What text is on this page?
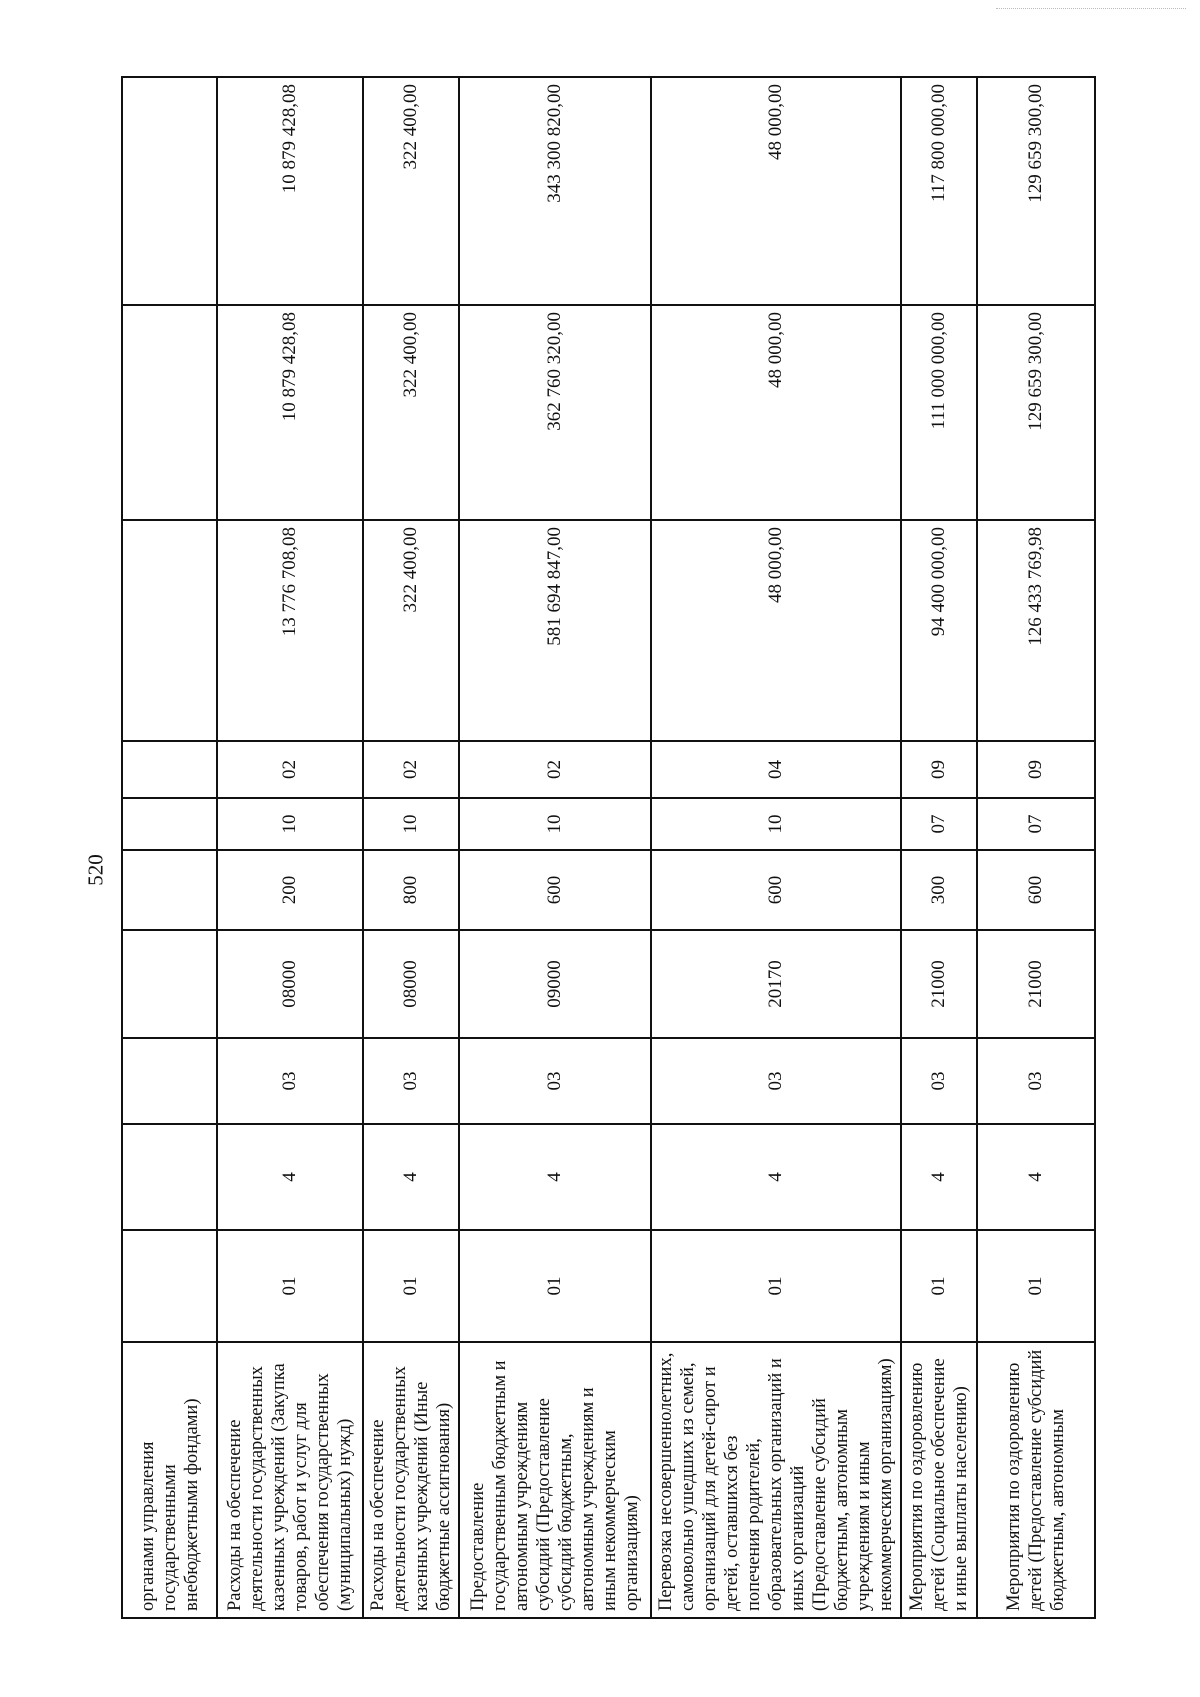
520
органами управления государственными внебюджетными фондами)										
Расходы на обеспечение деятельности государственных казенных учреждений (Закупка товаров, работ и услуг для обеспечения государственных (муниципальных) нужд)	01	4	03	08000	200	10	02	13 776 708,08	10 879 428,08	10 879 428,08
Расходы на обеспечение деятельности государственных казенных учреждений (Иные бюджетные ассигнования)	01	4	03	08000	800	10	02	322 400,00	322 400,00	322 400,00
Предоставление государственным бюджетным и автономным учреждениям субсидий (Предоставление субсидий бюджетным, автономным учреждениям и иным некоммерческим организациям)	01	4	03	09000	600	10	02	581 694 847,00	362 760 320,00	343 300 820,00
Перевозка несовершеннолетних, самовольно ушедших из семей, организаций для детей-сирот и детей, оставшихся без попечения родителей, образовательных организаций и иных организаций (Предоставление субсидий бюджетным, автономным учреждениям и иным некоммерческим организациям)	01	4	03	20170	600	10	04	48 000,00	48 000,00	48 000,00
Мероприятия по оздоровлению детей (Социальное обеспечение и иные выплаты населению)	01	4	03	21000	300	07	09	94 400 000,00	111 000 000,00	117 800 000,00
Мероприятия по оздоровлению детей (Предоставление субсидий бюджетным, автономным	01	4	03	21000	600	07	09	126 433 769,98	129 659 300,00	129 659 300,00
